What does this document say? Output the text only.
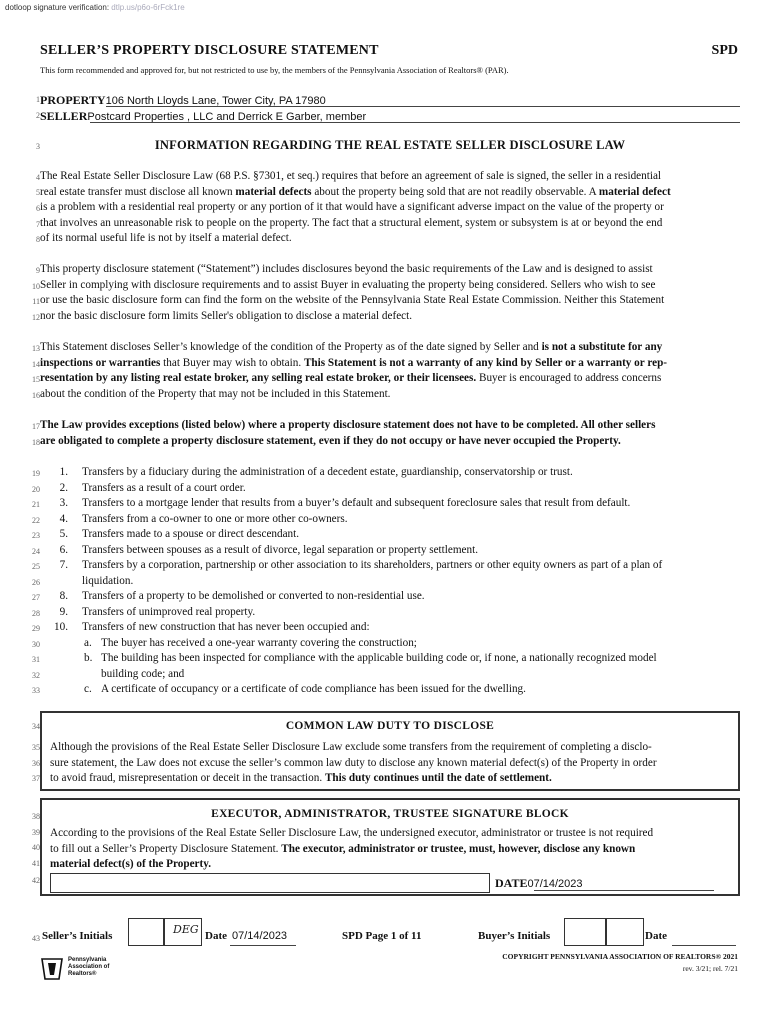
dotloop signature verification: dtlp.us/p6o-6rFck1re
SELLER’S PROPERTY DISCLOSURE STATEMENT	SPD
This form recommended and approved for, but not restricted to use by, the members of the Pennsylvania Association of Realtors® (PAR).
1 PROPERTY106 North Lloyds Lane, Tower City, PA 17980
2 SELLERPostcard Properties , LLC and Derrick E Garber, member
3	INFORMATION REGARDING THE REAL ESTATE SELLER DISCLOSURE LAW
4
5
6
7
8
The Real Estate Seller Disclosure Law (68 P.S. §7301, et seq.) requires that before an agreement of sale is signed, the seller in a residential
real estate transfer must disclose all known material defects about the property being sold that are not readily observable. A material defect
is a problem with a residential real property or any portion of it that would have a significant adverse impact on the value of the property or
that involves an unreasonable risk to people on the property. The fact that a structural element, system or subsystem is at or beyond the end
of its normal useful life is not by itself a material defect.
9
10
11
12
This property disclosure statement (“Statement”) includes disclosures beyond the basic requirements of the Law and is designed to assist
Seller in complying with disclosure requirements and to assist Buyer in evaluating the property being considered. Sellers who wish to see
or use the basic disclosure form can find the form on the website of the Pennsylvania State Real Estate Commission. Neither this Statement
nor the basic disclosure form limits Seller's obligation to disclose a material defect.
13
14
15
16
This Statement discloses Seller’s knowledge of the condition of the Property as of the date signed by Seller and is not a substitute for any
inspections or warranties that Buyer may wish to obtain. This Statement is not a warranty of any kind by Seller or a warranty or rep-
resentation by any listing real estate broker, any selling real estate broker, or their licensees. Buyer is encouraged to address concerns
about the condition of the Property that may not be included in this Statement.
17
18
The Law provides exceptions (listed below) where a property disclosure statement does not have to be completed. All other sellers
are obligated to complete a property disclosure statement, even if they do not occupy or have never occupied the Property.
19
20
21
22
23
24
25
26
27
28
29
30
31
32
33
1. Transfers by a fiduciary during the administration of a decedent estate, guardianship, conservatorship or trust.
2. Transfers as a result of a court order.
3. Transfers to a mortgage lender that results from a buyer’s default and subsequent foreclosure sales that result from default.
4. Transfers from a co-owner to one or more other co-owners.
5. Transfers made to a spouse or direct descendant.
6. Transfers between spouses as a result of divorce, legal separation or property settlement.
7. Transfers by a corporation, partnership or other association to its shareholders, partners or other equity owners as part of a plan of
liquidation.
8. Transfers of a property to be demolished or converted to non-residential use.
9. Transfers of unimproved real property.
10. Transfers of new construction that has never been occupied and:
a. The buyer has received a one-year warranty covering the construction;
b. The building has been inspected for compliance with the applicable building code or, if none, a nationally recognized model
building code; and
c. A certificate of occupancy or a certificate of code compliance has been issued for the dwelling.
34
35
36
37
COMMON LAW DUTY TO DISCLOSE
Although the provisions of the Real Estate Seller Disclosure Law exclude some transfers from the requirement of completing a disclo-
sure statement, the Law does not excuse the seller’s common law duty to disclose any known material defect(s) of the Property in order
to avoid fraud, misrepresentation or deceit in the transaction. This duty continues until the date of settlement.
38
39
40
41
42
EXECUTOR, ADMINISTRATOR, TRUSTEE SIGNATURE BLOCK
According to the provisions of the Real Estate Seller Disclosure Law, the undersigned executor, administrator or trustee is not required
to fill out a Seller’s Property Disclosure Statement. The executor, administrator or trustee, must, however, disclose any known
material defect(s) of the Property.
DATE07/14/2023
43 Seller’s Initials	DEG Date 07/14/2023	SPD Page 1 of 11	Buyer’s Initials	Date
Pennsylvania
Association of
Realtors®
COPYRIGHT PENNSYLVANIA ASSOCIATION OF REALTORS® 2021
rev. 3/21; rel. 7/21
